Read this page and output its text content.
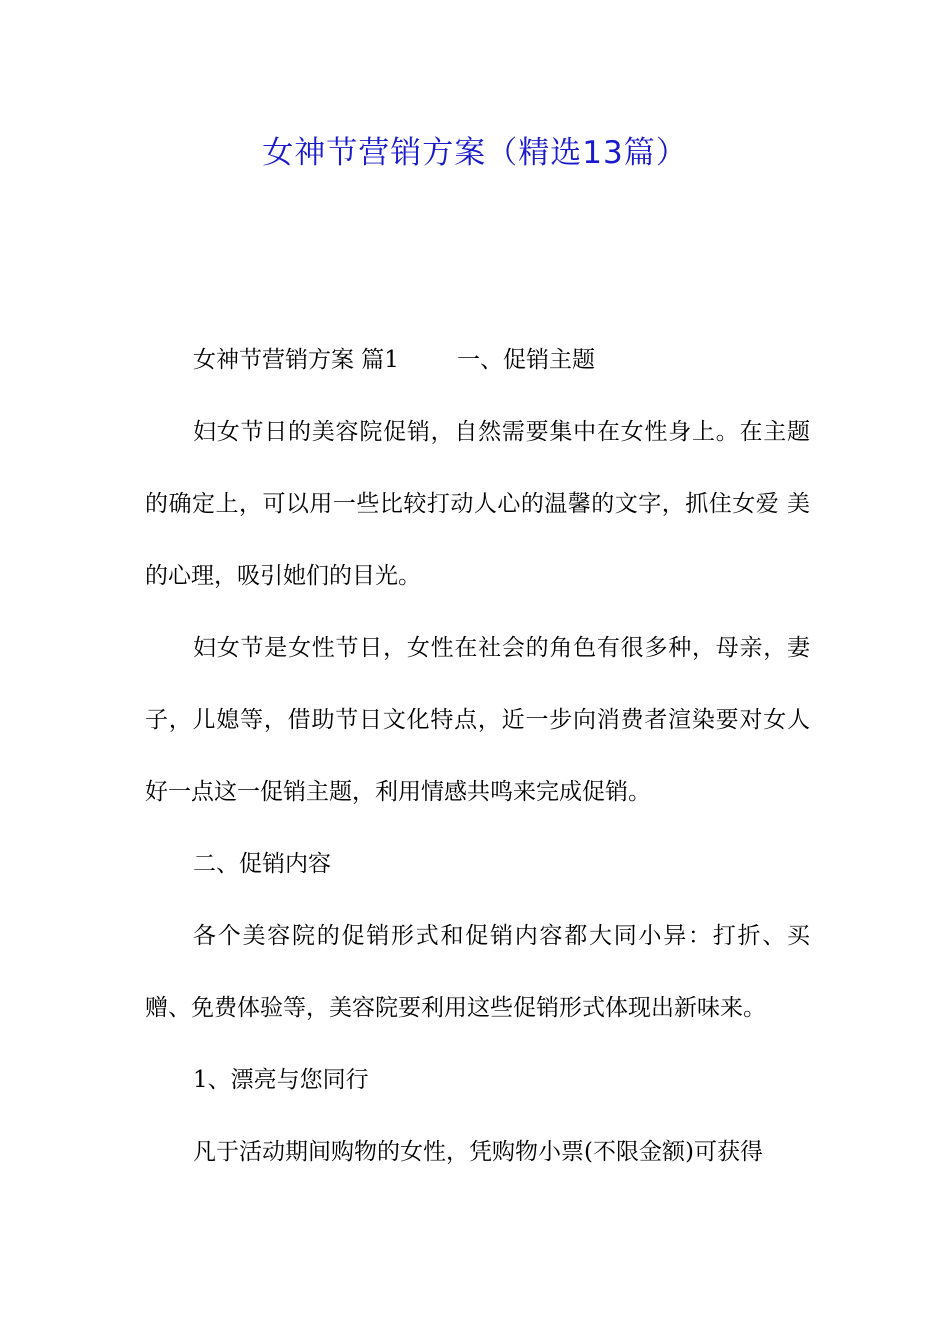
女神节营销方案（精选13篇）

女神节营销方案 篇1	一、促销主题

妇女节日的美容院促销，自然需要集中在女性身上。在主题的确定上，可以用一些比较打动人心的温馨的文字，抓住女爱 美的心理，吸引她们的目光。

妇女节是女性节日，女性在社会的角色有很多种，母亲，妻子，儿媳等，借助节日文化特点，近一步向消费者渲染要对女人好一点这一促销主题，利用情感共鸣来完成促销。

二、促销内容

各个美容院的促销形式和促销内容都大同小异：打折、买赠、免费体验等，美容院要利用这些促销形式体现出新味来。

1、漂亮与您同行

凡于活动期间购物的女性，凭购物小票(不限金额)可获得
